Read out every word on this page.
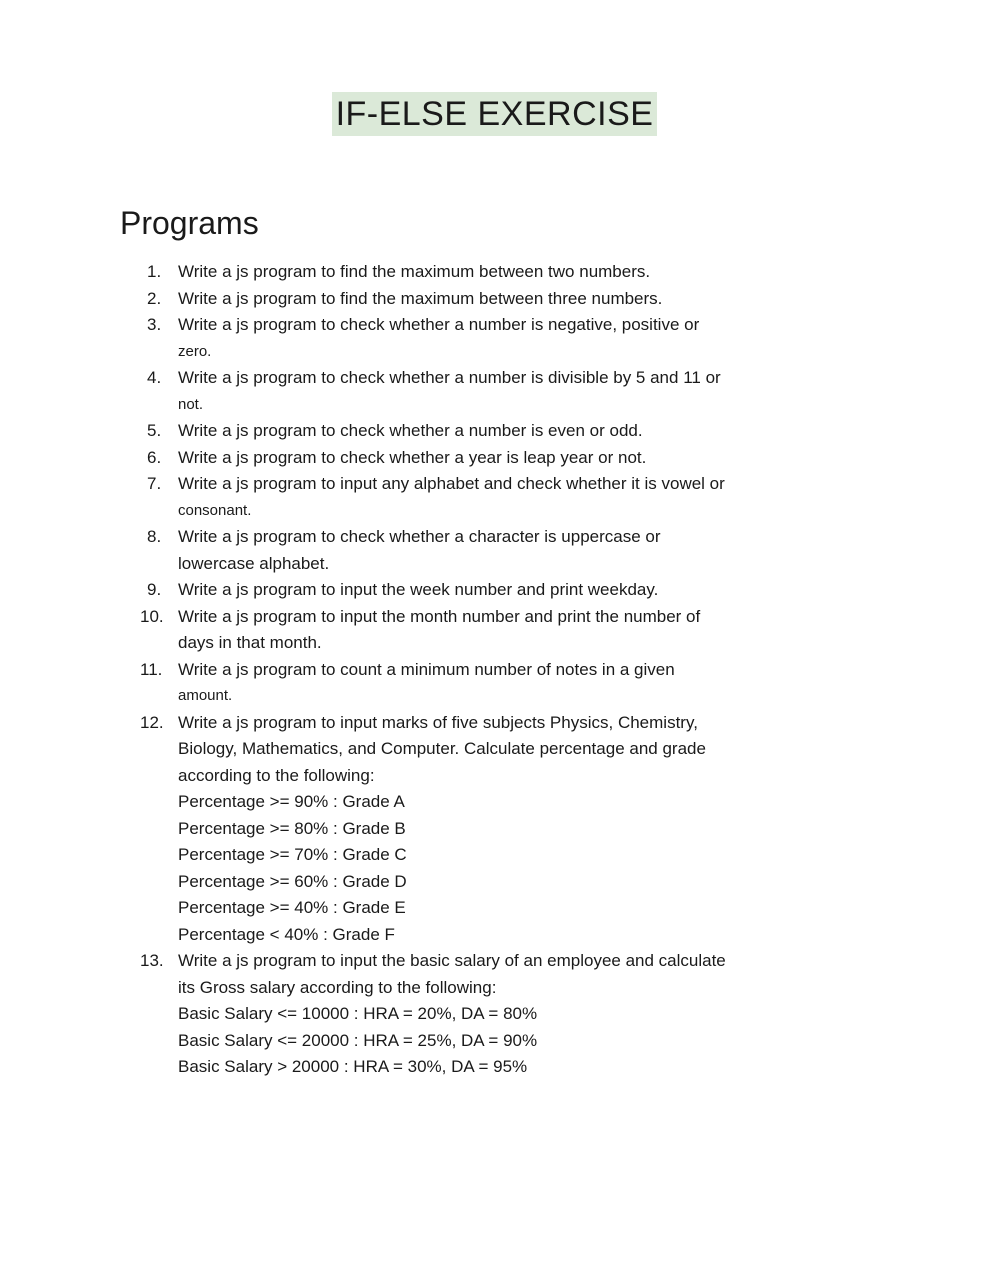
IF-ELSE EXERCISE
Programs
1. Write a js program to find the maximum between two numbers.
2. Write a js program to find the maximum between three numbers.
3. Write a js program to check whether a number is negative, positive or
zero.
4. Write a js program to check whether a number is divisible by 5 and 11 or
not.
5. Write a js program to check whether a number is even or odd.
6. Write a js program to check whether a year is leap year or not.
7. Write a js program to input any alphabet and check whether it is vowel or
consonant.
8. Write a js program to check whether a character is uppercase or
lowercase alphabet.
9. Write a js program to input the week number and print weekday.
10. Write a js program to input the month number and print the number of
days in that month.
11. Write a js program to count a minimum number of notes in a given
amount.
12. Write a js program to input marks of five subjects Physics, Chemistry,
Biology, Mathematics, and Computer. Calculate percentage and grade
according to the following:
Percentage >= 90% : Grade A
Percentage >= 80% : Grade B
Percentage >= 70% : Grade C
Percentage >= 60% : Grade D
Percentage >= 40% : Grade E
Percentage < 40% : Grade F
13. Write a js program to input the basic salary of an employee and calculate
its Gross salary according to the following:
Basic Salary <= 10000 : HRA = 20%, DA = 80%
Basic Salary <= 20000 : HRA = 25%, DA = 90%
Basic Salary > 20000 : HRA = 30%, DA = 95%
